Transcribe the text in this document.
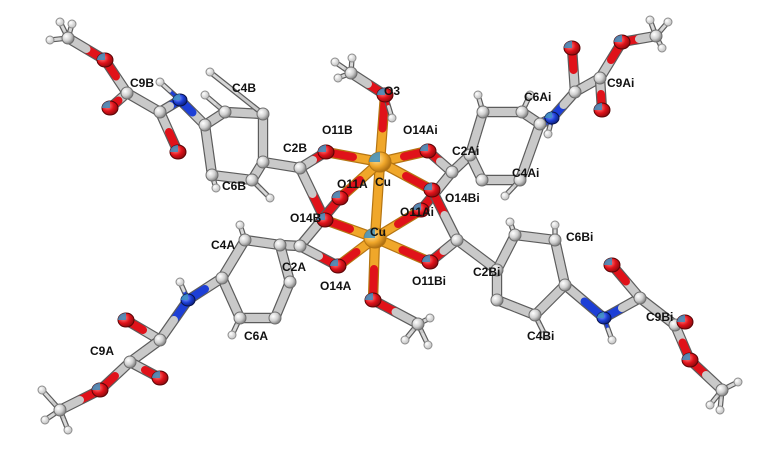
C9B	C4B
C2B
C6B
O11B
O3
O14Ai
C6Ai
C9Ai
C2Ai
C4Ai
Cu
O11A
O14Bi
O11Ai
O14B
Cu
C4A
C2A
O14A	O11Bi
C2Bi
C6Bi
C6A
C9A
C4Bi
C9Bi
